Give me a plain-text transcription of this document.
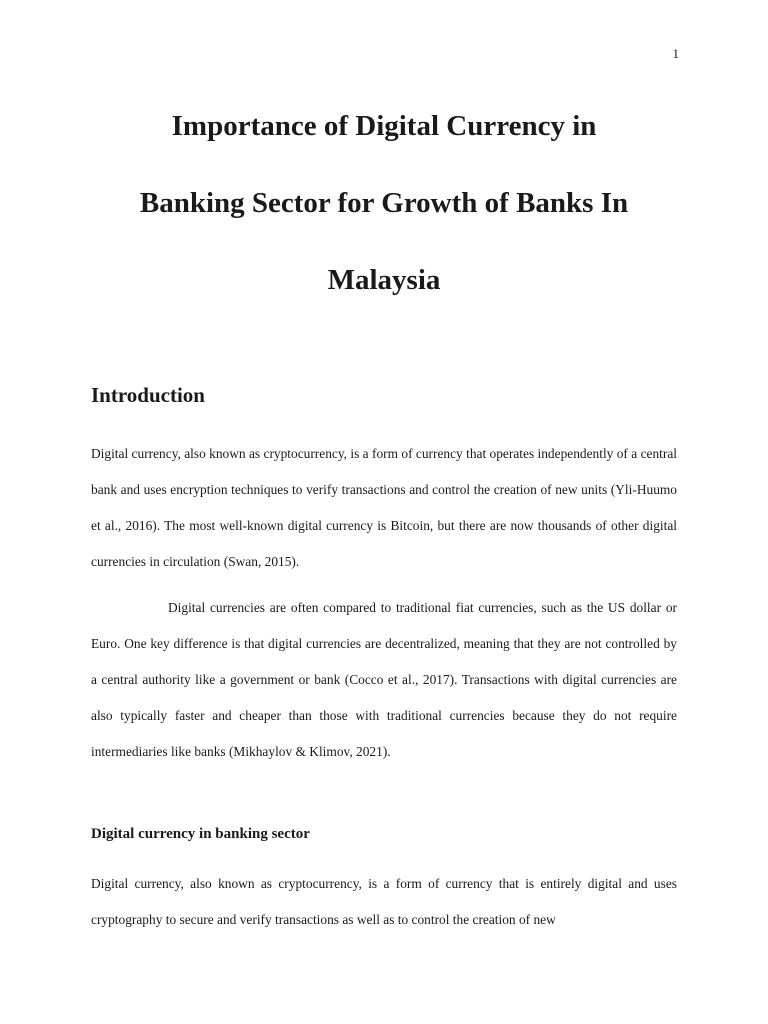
1
Importance of Digital Currency in
Banking Sector for Growth of Banks In
Malaysia
Introduction

Digital currency, also known as cryptocurrency, is a form of currency that operates independently of a central bank and uses encryption techniques to verify transactions and control the creation of new units (Yli-Huumo et al., 2016). The most well-known digital currency is Bitcoin, but there are now thousands of other digital currencies in circulation (Swan, 2015).

Digital currencies are often compared to traditional fiat currencies, such as the US dollar or Euro. One key difference is that digital currencies are decentralized, meaning that they are not controlled by a central authority like a government or bank (Cocco et al., 2017). Transactions with digital currencies are also typically faster and cheaper than those with traditional currencies because they do not require intermediaries like banks (Mikhaylov & Klimov, 2021).

Digital currency in banking sector

Digital currency, also known as cryptocurrency, is a form of currency that is entirely digital and uses cryptography to secure and verify transactions as well as to control the creation of new
